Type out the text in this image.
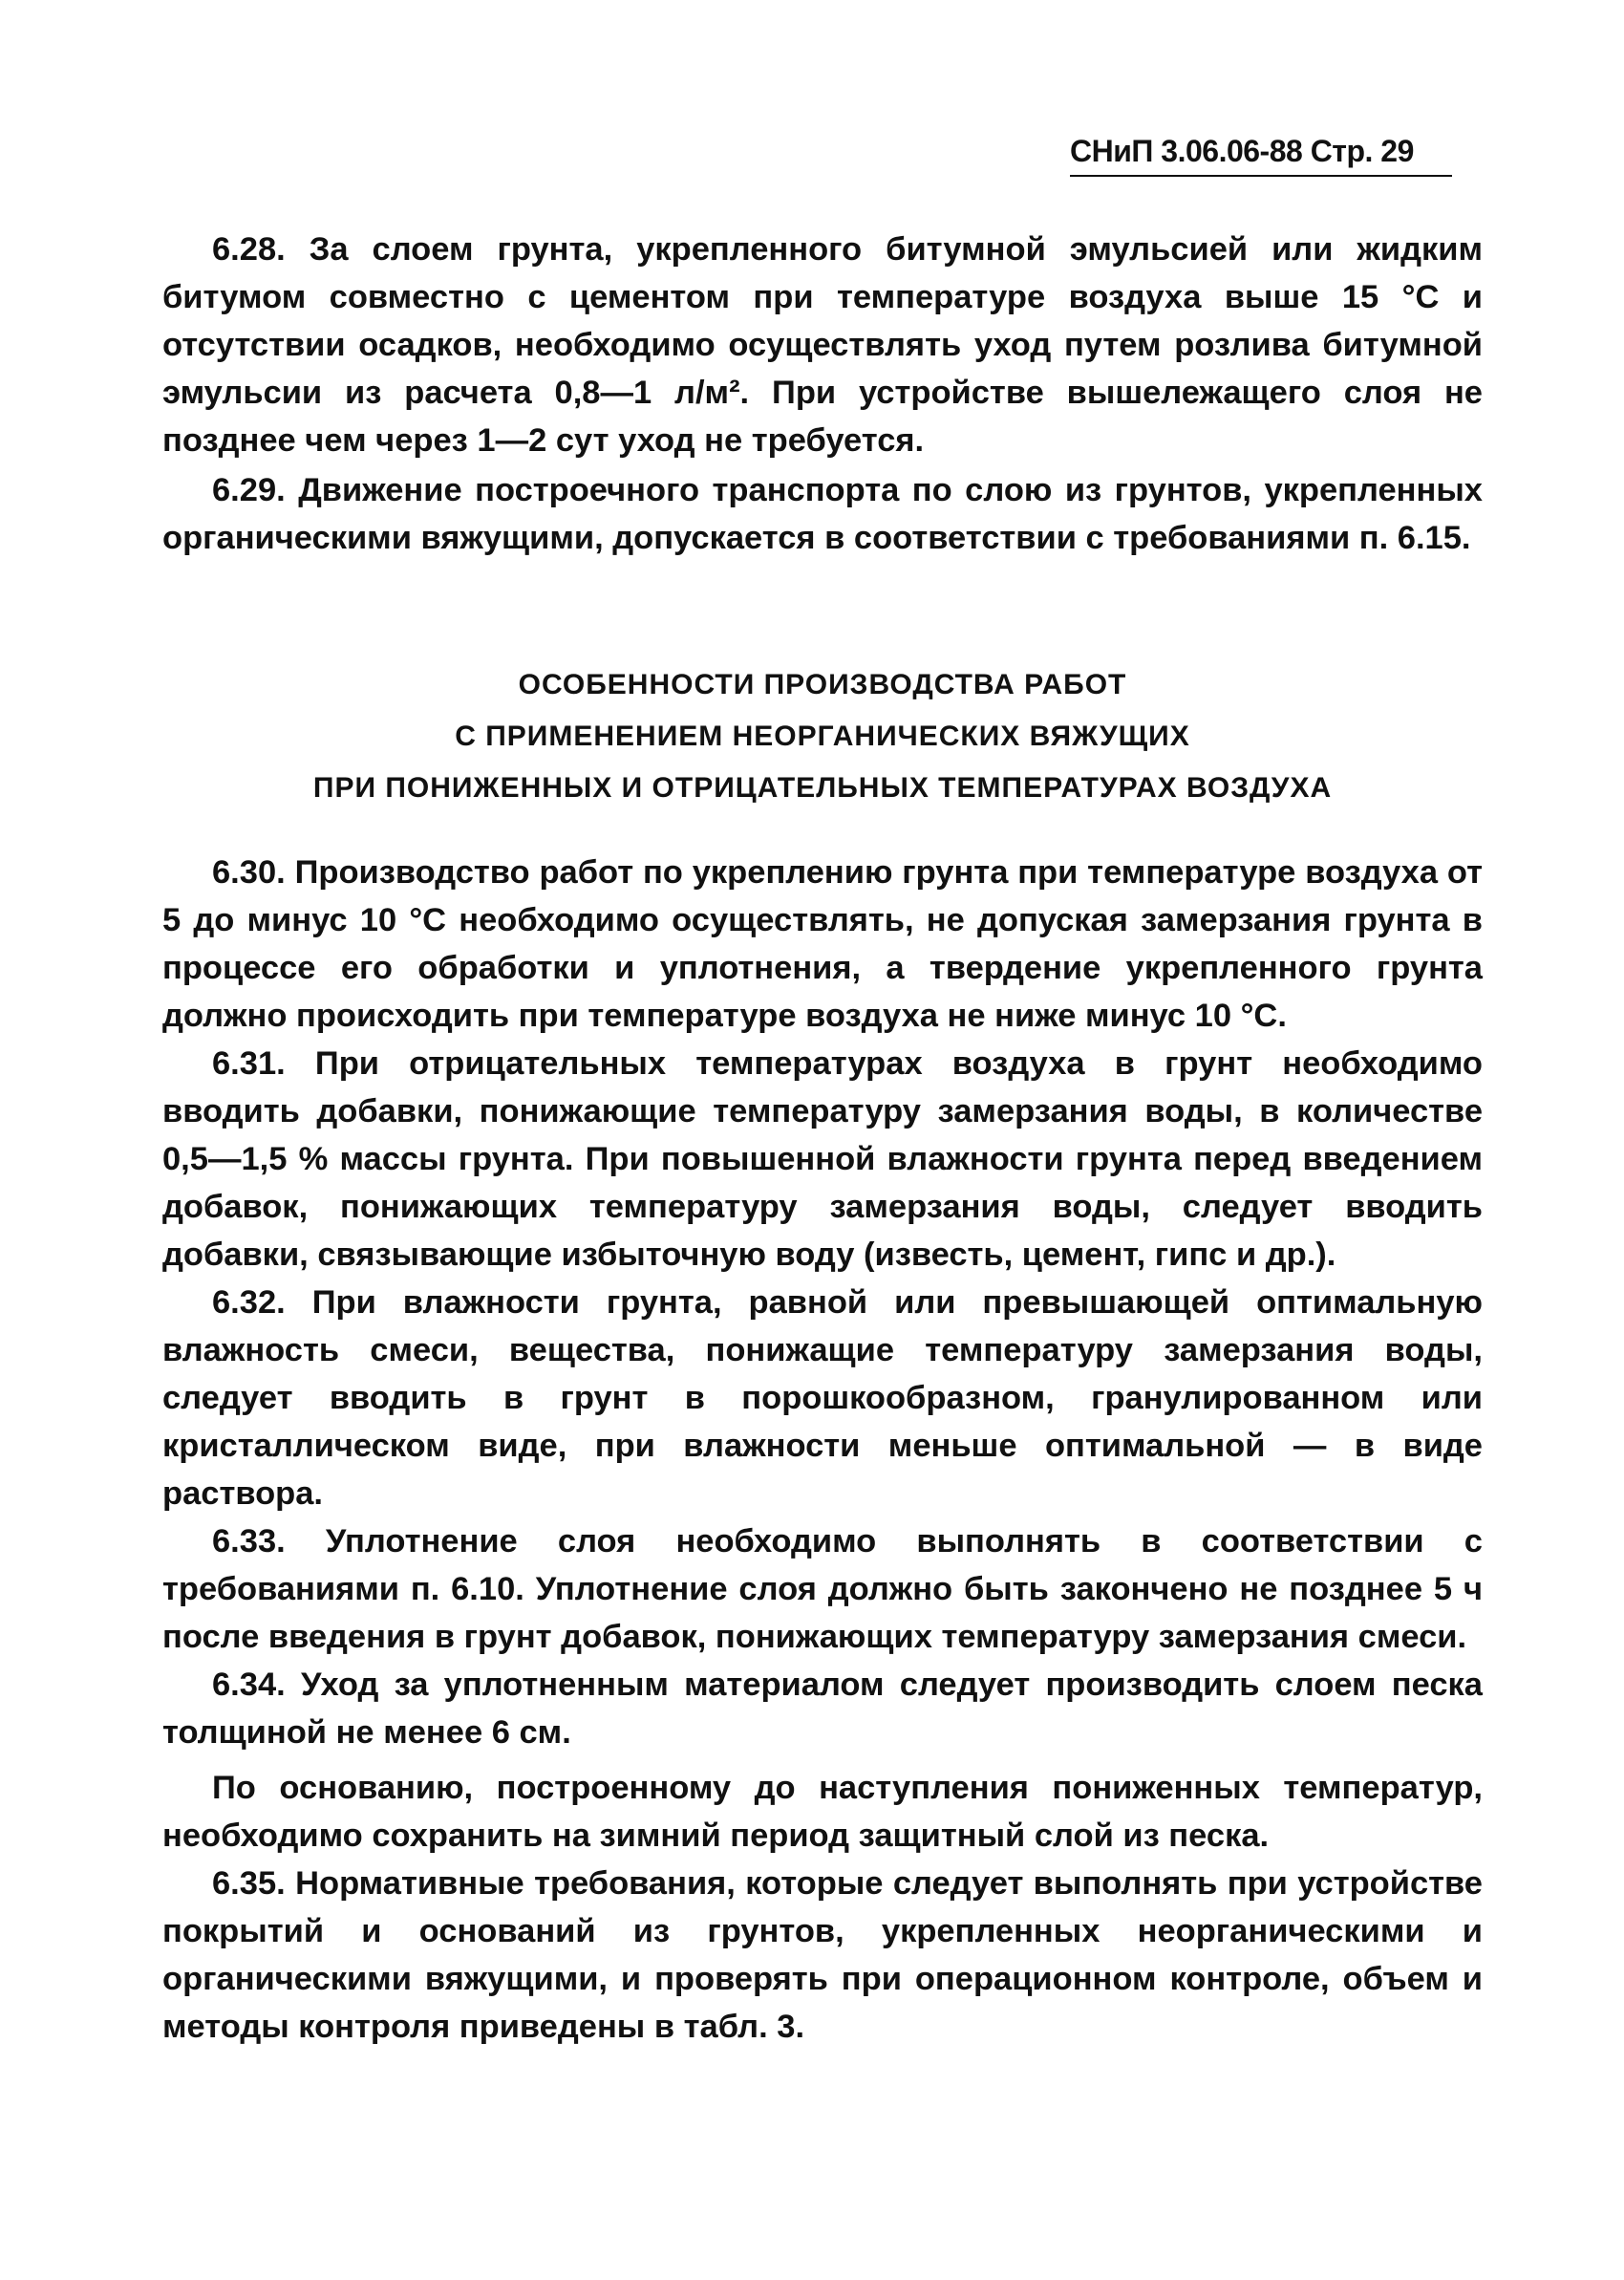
СНиП 3.06.06-88 Стр. 29

6.28. За слоем грунта, укрепленного битумной эмульсией или жидким битумом совместно с цементом при температуре воздуха выше 15 °С и отсутствии осадков, необходимо осуществлять уход путем розлива битумной эмульсии из расчета 0,8—1 л/м². При устройстве вышележащего слоя не позднее чем через 1—2 сут уход не требуется.

6.29. Движение построечного транспорта по слою из грунтов, укрепленных органическими вяжущими, допускается в соответствии с требованиями п. 6.15.

ОСОБЕННОСТИ ПРОИЗВОДСТВА РАБОТ
С ПРИМЕНЕНИЕМ НЕОРГАНИЧЕСКИХ ВЯЖУЩИХ
ПРИ ПОНИЖЕННЫХ И ОТРИЦАТЕЛЬНЫХ ТЕМПЕРАТУРАХ ВОЗДУХА

6.30. Производство работ по укреплению грунта при температуре воздуха от 5 до минус 10 °С необходимо осуществлять, не допуская замерзания грунта в процессе его обработки и уплотнения, а твердение укрепленного грунта должно происходить при температуре воздуха не ниже минус 10 °С.

6.31. При отрицательных температурах воздуха в грунт необходимо вводить добавки, понижающие температуру замерзания воды, в количестве 0,5—1,5 % массы грунта. При повышенной влажности грунта перед введением добавок, понижающих температуру замерзания воды, следует вводить добавки, связывающие избыточную воду (известь, цемент, гипс и др.).

6.32. При влажности грунта, равной или превышающей оптимальную влажность смеси, вещества, понижащие температуру замерзания воды, следует вводить в грунт в порошкообразном, гранулированном или кристаллическом виде, при влажности меньше оптимальной — в виде раствора.

6.33. Уплотнение слоя необходимо выполнять в соответствии с требованиями п. 6.10. Уплотнение слоя должно быть закончено не позднее 5 ч после введения в грунт добавок, понижающих температуру замерзания смеси.

6.34. Уход за уплотненным материалом следует производить слоем песка толщиной не менее 6 см.

По основанию, построенному до наступления пониженных температур, необходимо сохранить на зимний период защитный слой из песка.

6.35. Нормативные требования, которые следует выполнять при устройстве покрытий и оснований из грунтов, укрепленных неорганическими и органическими вяжущими, и проверять при операционном контроле, объем и методы контроля приведены в табл. 3.
